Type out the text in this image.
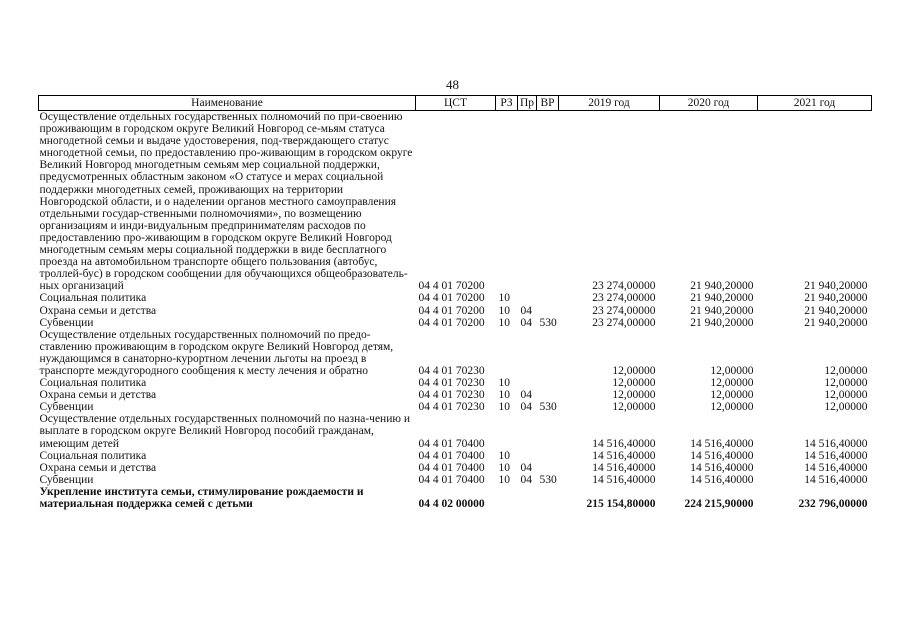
48
Наименование	ЦСТ	РЗ	Пр	ВР	2019 год	2020 год	2021 год
Осуществление отдельных государственных полномочий по при-своению проживающим в городском округе Великий Новгород се-мьям статуса многодетной семьи и выдаче удостоверения, под-тверждающего статус многодетной семьи, по предоставлению про-живающим в городском округе Великий Новгород многодетным семьям мер социальной поддержки, предусмотренных областным законом «О статусе и мерах социальной поддержки многодетных семей, проживающих на территории Новгородской области, и о наделении органов местного самоуправления отдельными государ-ственными полномочиями», по возмещению организациям и инди-видуальным предпринимателям расходов по предоставлению про-живающим в городском округе Великий Новгород многодетным семьям меры социальной поддержки в виде бесплатного проезда на автомобильном транспорте общего пользования (автобус, троллей-бус) в городском сообщении для обучающихся общеобразователь-ных организаций	04 4 01 70200				23 274,00000	21 940,20000	21 940,20000
Социальная политика	04 4 01 70200	10			23 274,00000	21 940,20000	21 940,20000
Охрана семьи и детства	04 4 01 70200	10	04		23 274,00000	21 940,20000	21 940,20000
Субвенции	04 4 01 70200	10	04	530	23 274,00000	21 940,20000	21 940,20000
Осуществление отдельных государственных полномочий по предо-ставлению проживающим в городском округе Великий Новгород детям, нуждающимся в санаторно-курортном лечении льготы на проезд в транспорте междугородного сообщения к месту лечения и обратно	04 4 01 70230				12,00000	12,00000	12,00000
Социальная политика	04 4 01 70230	10			12,00000	12,00000	12,00000
Охрана семьи и детства	04 4 01 70230	10	04		12,00000	12,00000	12,00000
Субвенции	04 4 01 70230	10	04	530	12,00000	12,00000	12,00000
Осуществление отдельных государственных полномочий по назна-чению и выплате в городском округе Великий Новгород пособий гражданам, имеющим детей	04 4 01 70400				14 516,40000	14 516,40000	14 516,40000
Социальная политика	04 4 01 70400	10			14 516,40000	14 516,40000	14 516,40000
Охрана семьи и детства	04 4 01 70400	10	04		14 516,40000	14 516,40000	14 516,40000
Субвенции	04 4 01 70400	10	04	530	14 516,40000	14 516,40000	14 516,40000
Укрепление института семьи, стимулирование рождаемости и материальная поддержка семей с детьми	04 4 02 00000				215 154,80000	224 215,90000	232 796,00000
